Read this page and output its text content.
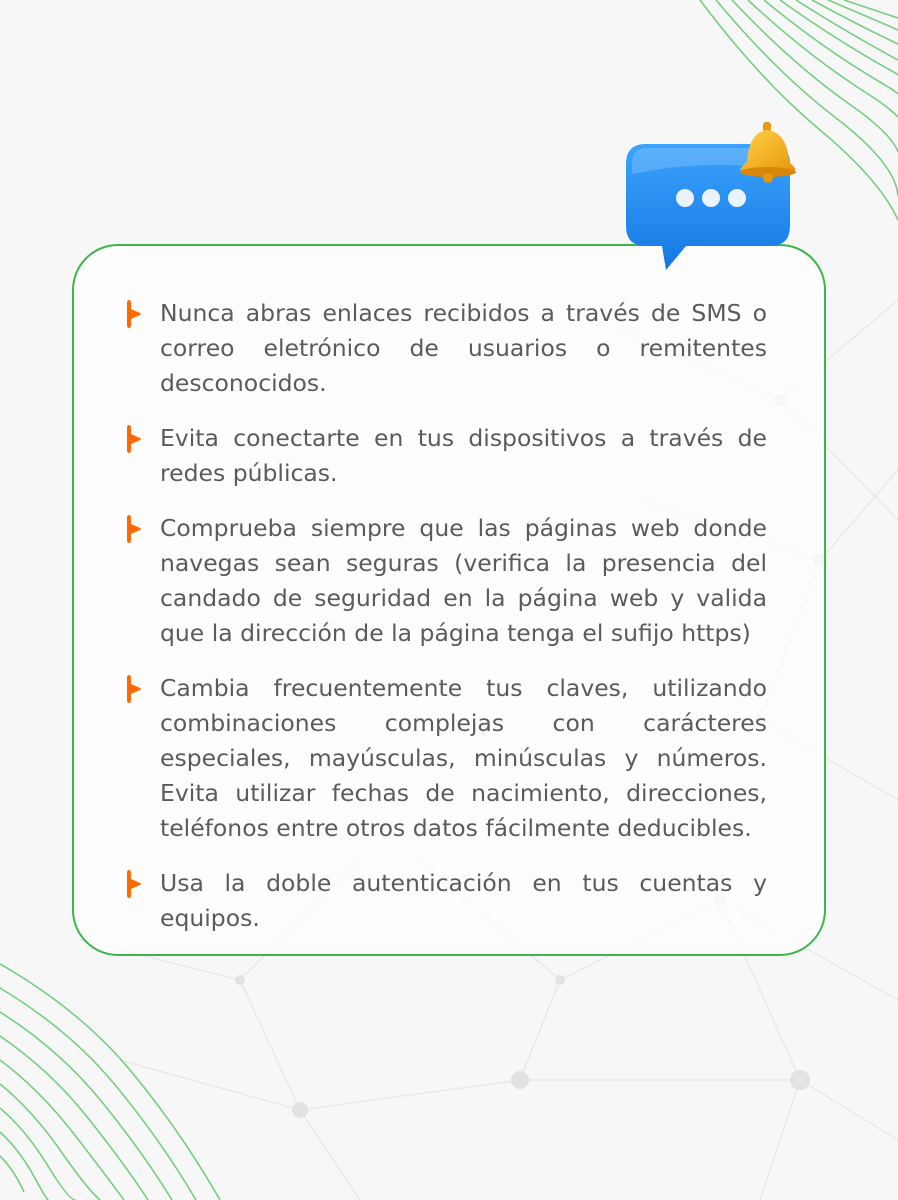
Nunca abras enlaces recibidos a través de SMS o correo eletrónico de usuarios o remitentes desconocidos.
Evita conectarte en tus dispositivos a través de redes públicas.
Comprueba siempre que las páginas web donde navegas sean seguras (verifica la presencia del candado de seguridad en la página web y valida que la dirección de la página tenga el sufijo https)
Cambia frecuentemente tus claves, utilizando combinaciones complejas con carácteres especiales, mayúsculas, minúsculas y números. Evita utilizar fechas de nacimiento, direcciones, teléfonos entre otros datos fácilmente deducibles.
Usa la doble autenticación en tus cuentas y equipos.
